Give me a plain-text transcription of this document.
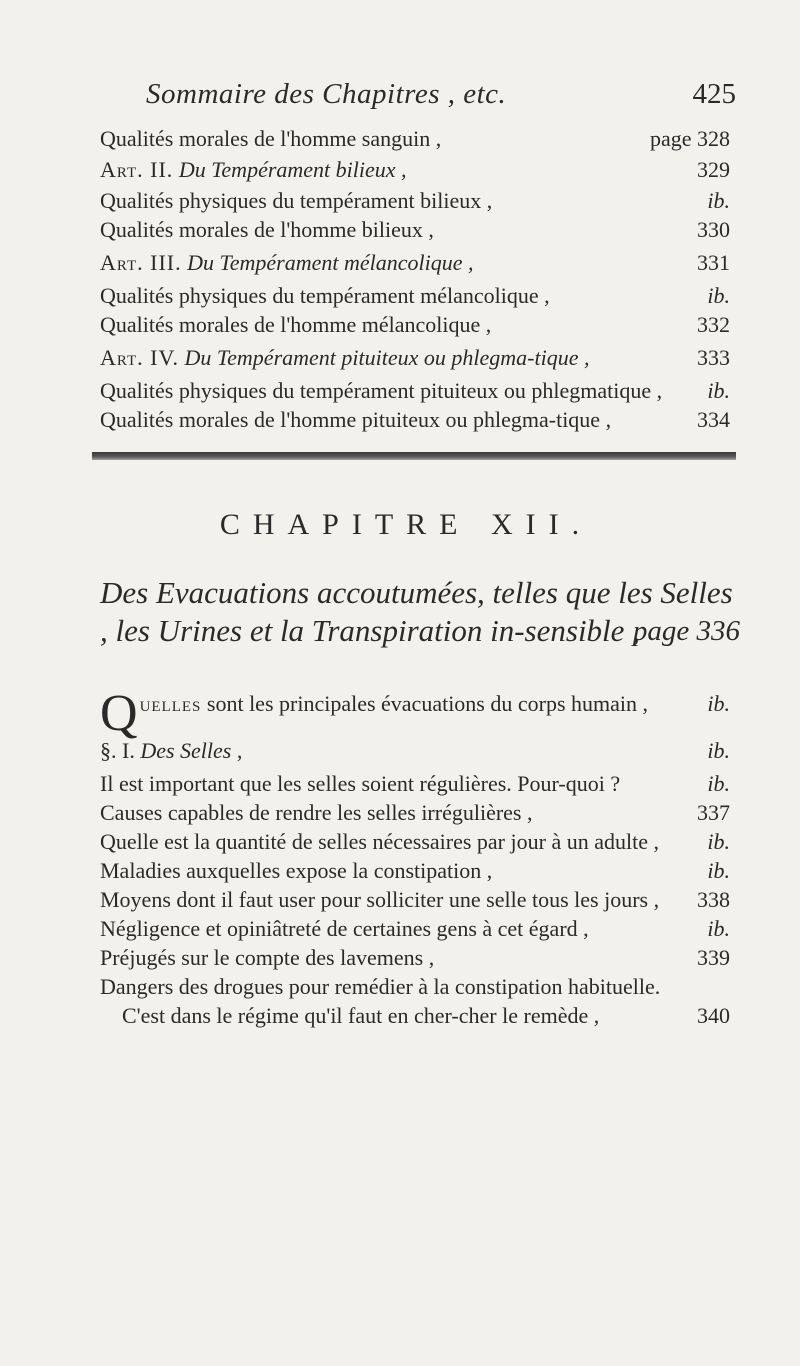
Sommaire des Chapitres , etc.	425
Qualités morales de l'homme sanguin ,	page 328
Art. II. Du Tempérament bilieux ,	329
Qualités physiques du tempérament bilieux ,	ib.
Qualités morales de l'homme bilieux ,	330
Art. III. Du Tempérament mélancolique ,	331
Qualités physiques du tempérament mélancolique ,	ib.
Qualités morales de l'homme mélancolique ,	332
Art. IV. Du Tempérament pituiteux ou phlegma-tique ,	333
Qualités physiques du tempérament pituiteux ou phlegmatique ,	ib.
Qualités morales de l'homme pituiteux ou phlegma-tique ,	334
CHAPITRE XII.
Des Evacuations accoutumées, telles que les Selles , les Urines et la Transpiration in-sensible ,
page 336
Quelles sont les principales évacuations du corps humain ,	ib.
§. I. Des Selles ,	ib.
Il est important que les selles soient régulières. Pour-quoi ?	ib.
Causes capables de rendre les selles irrégulières ,	337
Quelle est la quantité de selles nécessaires par jour à un adulte ,	ib.
Maladies auxquelles expose la constipation ,	ib.
Moyens dont il faut user pour solliciter une selle tous les jours ,	338
Négligence et opiniâtreté de certaines gens à cet égard ,	ib.
Préjugés sur le compte des lavemens ,	339
Dangers des drogues pour remédier à la constipation habituelle. C'est dans le régime qu'il faut en cher-cher le remède ,	340
